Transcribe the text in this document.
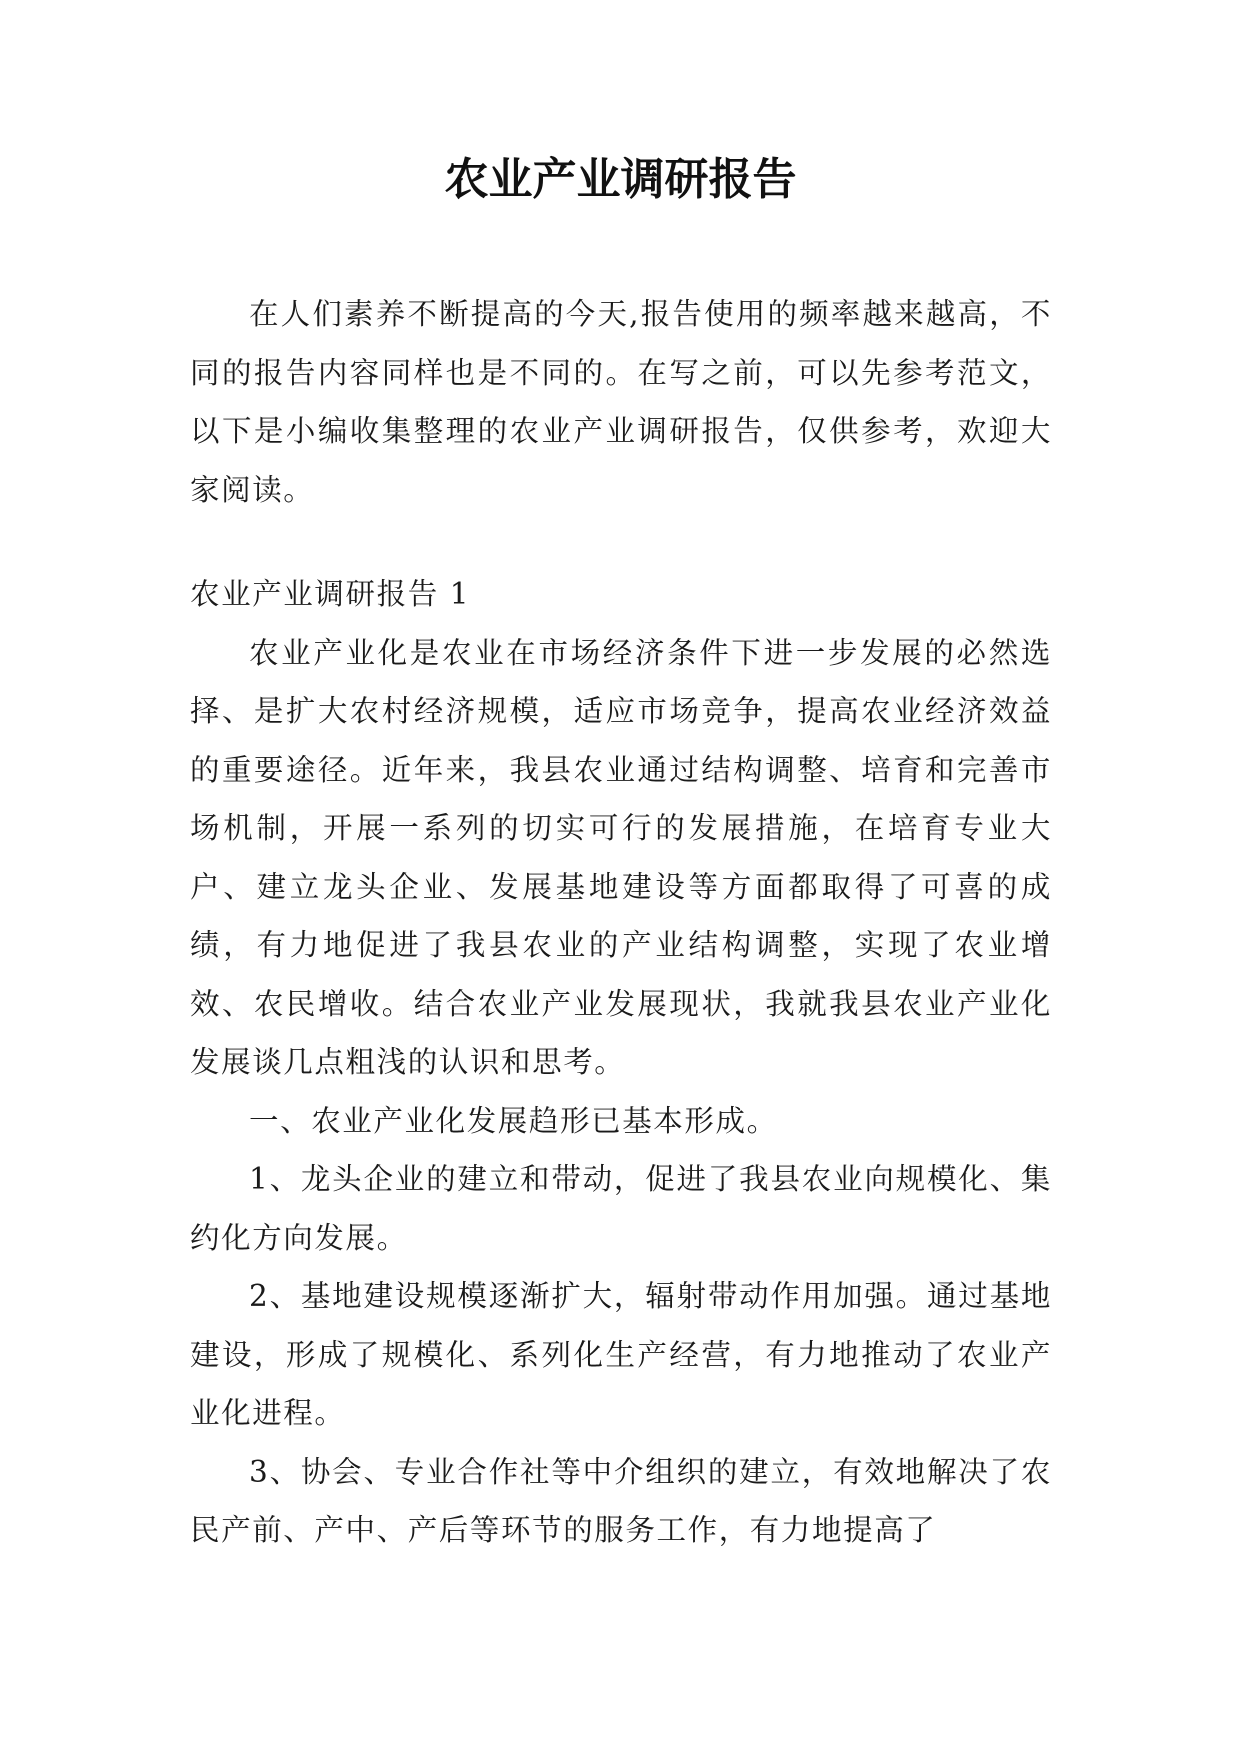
农业产业调研报告

在人们素养不断提高的今天,报告使用的频率越来越高，不同的报告内容同样也是不同的。在写之前，可以先参考范文，以下是小编收集整理的农业产业调研报告，仅供参考，欢迎大家阅读。

农业产业调研报告 1

农业产业化是农业在市场经济条件下进一步发展的必然选择、是扩大农村经济规模，适应市场竞争，提高农业经济效益的重要途径。近年来，我县农业通过结构调整、培育和完善市场机制，开展一系列的切实可行的发展措施，在培育专业大户、建立龙头企业、发展基地建设等方面都取得了可喜的成绩，有力地促进了我县农业的产业结构调整，实现了农业增效、农民增收。结合农业产业发展现状，我就我县农业产业化发展谈几点粗浅的认识和思考。

一、农业产业化发展趋形已基本形成。

1、龙头企业的建立和带动，促进了我县农业向规模化、集约化方向发展。

2、基地建设规模逐渐扩大，辐射带动作用加强。通过基地建设，形成了规模化、系列化生产经营，有力地推动了农业产业化进程。

3、协会、专业合作社等中介组织的建立，有效地解决了农民产前、产中、产后等环节的服务工作，有力地提高了
